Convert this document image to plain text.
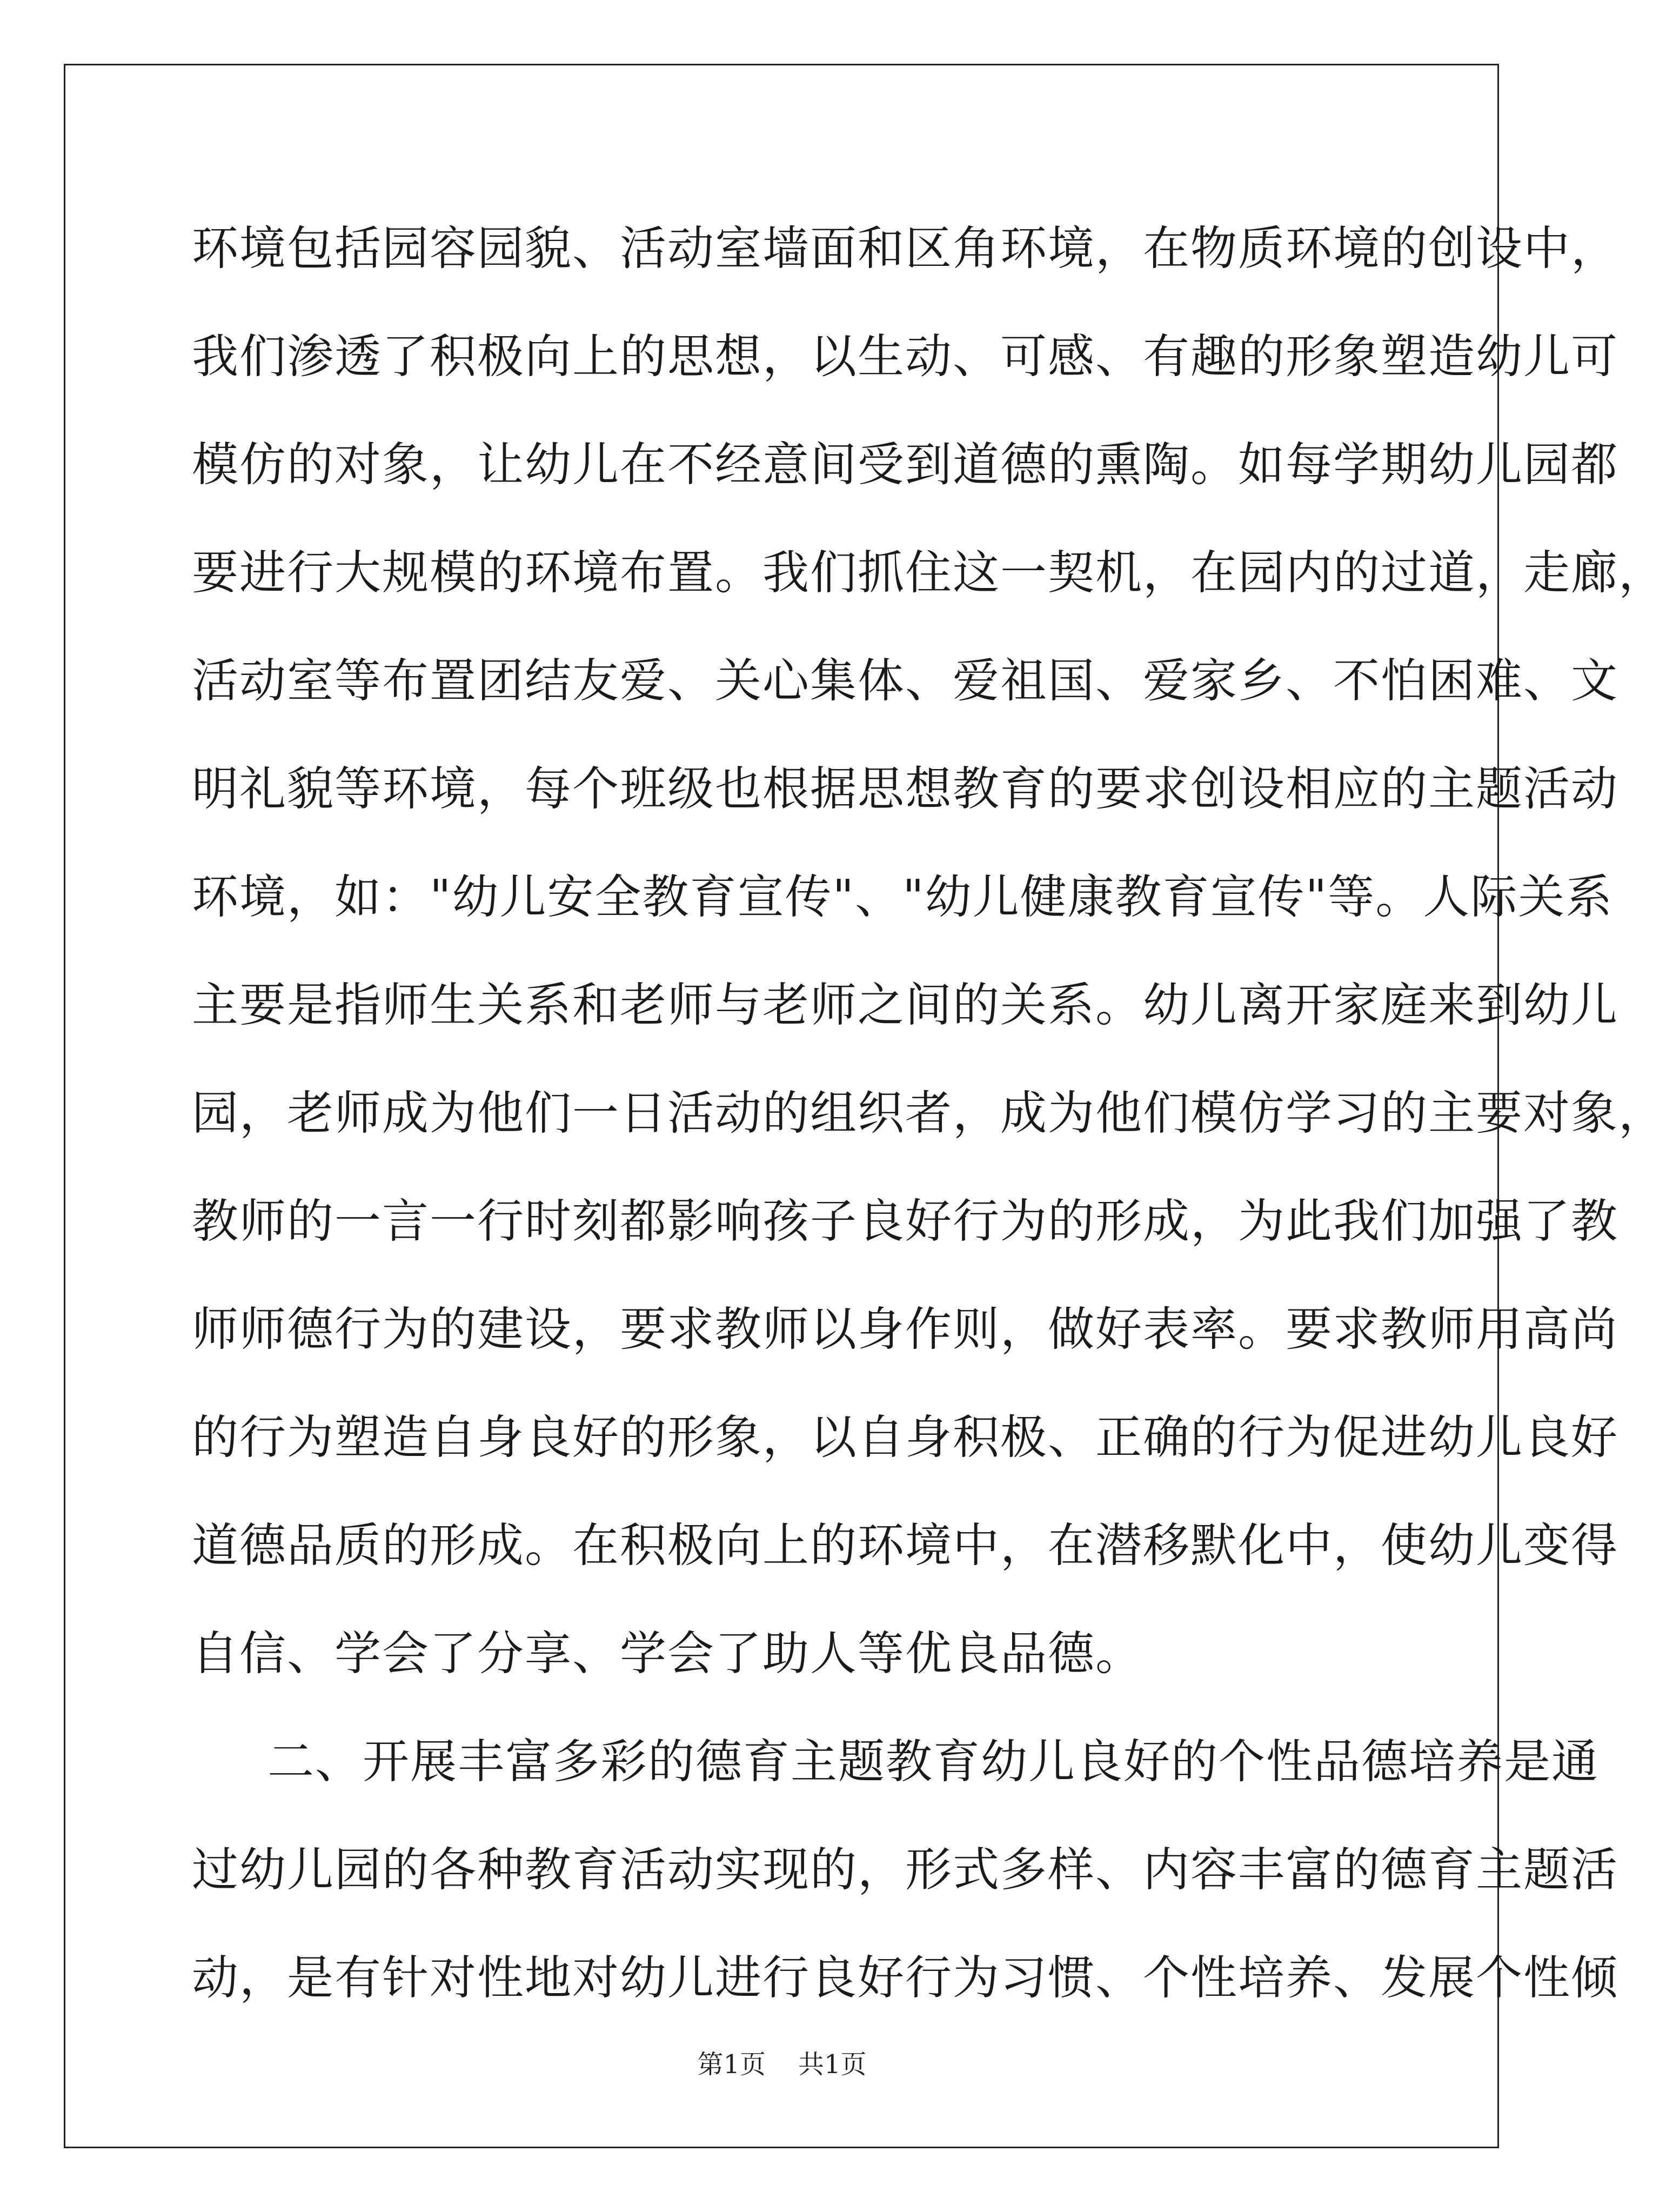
环境包括园容园貌、活动室墙面和区角环境，在物质环境的创设中，
我们渗透了积极向上的思想，以生动、可感、有趣的形象塑造幼儿可
模仿的对象，让幼儿在不经意间受到道德的熏陶。如每学期幼儿园都
要进行大规模的环境布置。我们抓住这一契机，在园内的过道，走廊，
活动室等布置团结友爱、关心集体、爱祖国、爱家乡、不怕困难、文
明礼貌等环境，每个班级也根据思想教育的要求创设相应的主题活动
环境，如："幼儿安全教育宣传"、"幼儿健康教育宣传"等。人际关系
主要是指师生关系和老师与老师之间的关系。幼儿离开家庭来到幼儿
园，老师成为他们一日活动的组织者，成为他们模仿学习的主要对象，
教师的一言一行时刻都影响孩子良好行为的形成，为此我们加强了教
师师德行为的建设，要求教师以身作则，做好表率。要求教师用高尚
的行为塑造自身良好的形象，以自身积极、正确的行为促进幼儿良好
道德品质的形成。在积极向上的环境中，在潜移默化中，使幼儿变得
自信、学会了分享、学会了助人等优良品德。
二、开展丰富多彩的德育主题教育幼儿良好的个性品德培养是通
过幼儿园的各种教育活动实现的，形式多样、内容丰富的德育主题活
动，是有针对性地对幼儿进行良好行为习惯、个性培养、发展个性倾
第1页 共1页
